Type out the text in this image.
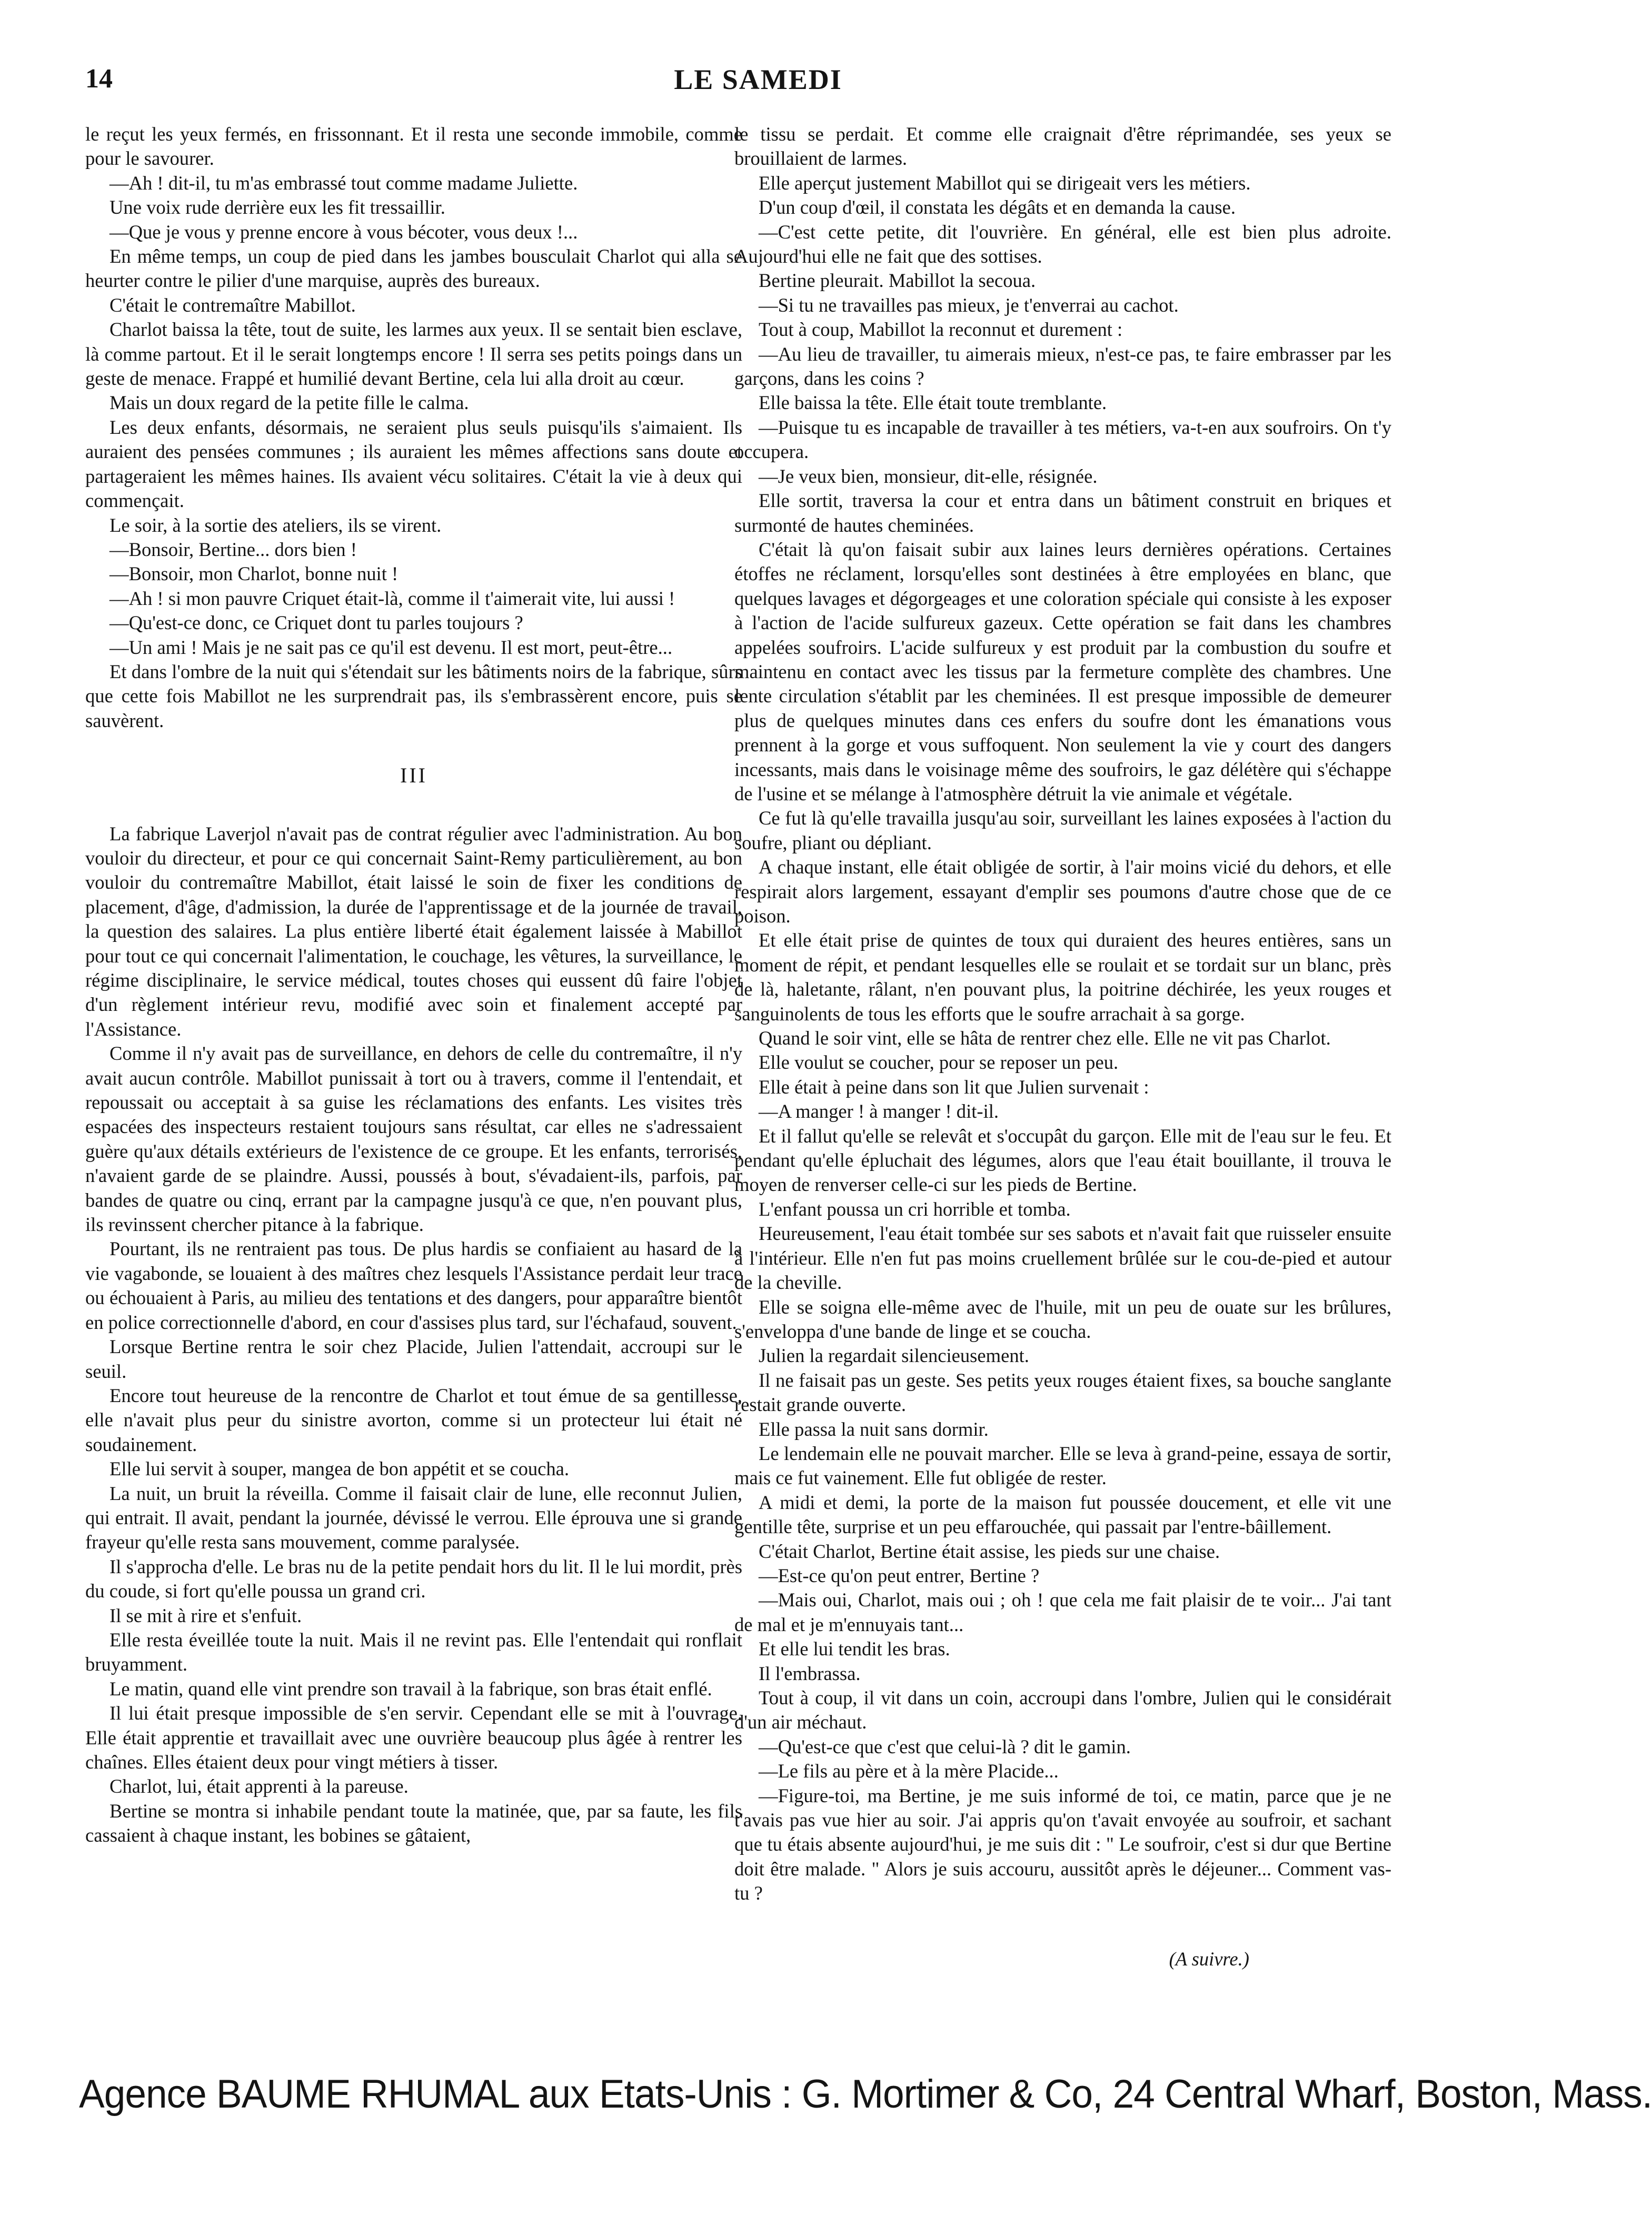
14	LE SAMEDI

le reçut les yeux fermés, en frissonnant. Et il resta une seconde immobile, comme pour le savourer.

—Ah ! dit-il, tu m'as embrassé tout comme madame Juliette.

Une voix rude derrière eux les fit tressaillir.

—Que je vous y prenne encore à vous bécoter, vous deux !...

En même temps, un coup de pied dans les jambes bousculait Charlot qui alla se heurter contre le pilier d'une marquise, auprès des bureaux.

C'était le contremaître Mabillot.

Charlot baissa la tête, tout de suite, les larmes aux yeux. Il se sentait bien esclave, là comme partout. Et il le serait longtemps encore ! Il serra ses petits poings dans un geste de menace. Frappé et humilié devant Bertine, cela lui alla droit au cœur.

Mais un doux regard de la petite fille le calma.

Les deux enfants, désormais, ne seraient plus seuls puisqu'ils s'aimaient. Ils auraient des pensées communes ; ils auraient les mêmes affections sans doute et partageraient les mêmes haines. Ils avaient vécu solitaires. C'était la vie à deux qui commençait.

Le soir, à la sortie des ateliers, ils se virent.

—Bonsoir, Bertine... dors bien !

—Bonsoir, mon Charlot, bonne nuit !

—Ah ! si mon pauvre Criquet était-là, comme il t'aimerait vite, lui aussi !

—Qu'est-ce donc, ce Criquet dont tu parles toujours ?

—Un ami ! Mais je ne sait pas ce qu'il est devenu. Il est mort, peut-être...

Et dans l'ombre de la nuit qui s'étendait sur les bâtiments noirs de la fabrique, sûrs que cette fois Mabillot ne les surprendrait pas, ils s'embrassèrent encore, puis se sauvèrent.

III

La fabrique Laverjol n'avait pas de contrat régulier avec l'administration. Au bon vouloir du directeur, et pour ce qui concernait Saint-Remy particulièrement, au bon vouloir du contremaître Mabillot, était laissé le soin de fixer les conditions de placement, d'âge, d'admission, la durée de l'apprentissage et de la journée de travail, la question des salaires. La plus entière liberté était également laissée à Mabillot pour tout ce qui concernait l'alimentation, le couchage, les vêtures, la surveillance, le régime disciplinaire, le service médical, toutes choses qui eussent dû faire l'objet d'un règlement intérieur revu, modifié avec soin et finalement accepté par l'Assistance.

Comme il n'y avait pas de surveillance, en dehors de celle du contremaître, il n'y avait aucun contrôle. Mabillot punissait à tort ou à travers, comme il l'entendait, et repoussait ou acceptait à sa guise les réclamations des enfants. Les visites très espacées des inspecteurs restaient toujours sans résultat, car elles ne s'adressaient guère qu'aux détails extérieurs de l'existence de ce groupe. Et les enfants, terrorisés, n'avaient garde de se plaindre. Aussi, poussés à bout, s'évadaient-ils, parfois, par bandes de quatre ou cinq, errant par la campagne jusqu'à ce que, n'en pouvant plus, ils revinssent chercher pitance à la fabrique.

Pourtant, ils ne rentraient pas tous. De plus hardis se confiaient au hasard de la vie vagabonde, se louaient à des maîtres chez lesquels l'Assistance perdait leur trace ou échouaient à Paris, au milieu des tentations et des dangers, pour apparaître bientôt en police correctionnelle d'abord, en cour d'assises plus tard, sur l'échafaud, souvent.

Lorsque Bertine rentra le soir chez Placide, Julien l'attendait, accroupi sur le seuil.

Encore tout heureuse de la rencontre de Charlot et tout émue de sa gentillesse, elle n'avait plus peur du sinistre avorton, comme si un protecteur lui était né soudainement.

Elle lui servit à souper, mangea de bon appétit et se coucha.

La nuit, un bruit la réveilla. Comme il faisait clair de lune, elle reconnut Julien, qui entrait. Il avait, pendant la journée, dévissé le verrou. Elle éprouva une si grande frayeur qu'elle resta sans mouvement, comme paralysée.

Il s'approcha d'elle. Le bras nu de la petite pendait hors du lit. Il le lui mordit, près du coude, si fort qu'elle poussa un grand cri.

Il se mit à rire et s'enfuit.

Elle resta éveillée toute la nuit. Mais il ne revint pas. Elle l'entendait qui ronflait bruyamment.

Le matin, quand elle vint prendre son travail à la fabrique, son bras était enflé.

Il lui était presque impossible de s'en servir. Cependant elle se mit à l'ouvrage. Elle était apprentie et travaillait avec une ouvrière beaucoup plus âgée à rentrer les chaînes. Elles étaient deux pour vingt métiers à tisser.

Charlot, lui, était apprenti à la pareuse.

Bertine se montra si inhabile pendant toute la matinée, que, par sa faute, les fils cassaient à chaque instant, les bobines se gâtaient,

le tissu se perdait. Et comme elle craignait d'être réprimandée, ses yeux se brouillaient de larmes.

Elle aperçut justement Mabillot qui se dirigeait vers les métiers.

D'un coup d'œil, il constata les dégâts et en demanda la cause.

—C'est cette petite, dit l'ouvrière. En général, elle est bien plus adroite. Aujourd'hui elle ne fait que des sottises.

Bertine pleurait. Mabillot la secoua.

—Si tu ne travailles pas mieux, je t'enverrai au cachot.

Tout à coup, Mabillot la reconnut et durement :

—Au lieu de travailler, tu aimerais mieux, n'est-ce pas, te faire embrasser par les garçons, dans les coins ?

Elle baissa la tête. Elle était toute tremblante.

—Puisque tu es incapable de travailler à tes métiers, va-t-en aux soufroirs. On t'y occupera.

—Je veux bien, monsieur, dit-elle, résignée.

Elle sortit, traversa la cour et entra dans un bâtiment construit en briques et surmonté de hautes cheminées.

C'était là qu'on faisait subir aux laines leurs dernières opérations. Certaines étoffes ne réclament, lorsqu'elles sont destinées à être employées en blanc, que quelques lavages et dégorgeages et une coloration spéciale qui consiste à les exposer à l'action de l'acide sulfureux gazeux. Cette opération se fait dans les chambres appelées soufroirs. L'acide sulfureux y est produit par la combustion du soufre et maintenu en contact avec les tissus par la fermeture complète des chambres. Une lente circulation s'établit par les cheminées. Il est presque impossible de demeurer plus de quelques minutes dans ces enfers du soufre dont les émanations vous prennent à la gorge et vous suffoquent. Non seulement la vie y court des dangers incessants, mais dans le voisinage même des soufroirs, le gaz délétère qui s'échappe de l'usine et se mélange à l'atmosphère détruit la vie animale et végétale.

Ce fut là qu'elle travailla jusqu'au soir, surveillant les laines exposées à l'action du soufre, pliant ou dépliant.

A chaque instant, elle était obligée de sortir, à l'air moins vicié du dehors, et elle respirait alors largement, essayant d'emplir ses poumons d'autre chose que de ce poison.

Et elle était prise de quintes de toux qui duraient des heures entières, sans un moment de répit, et pendant lesquelles elle se roulait et se tordait sur un blanc, près de là, haletante, râlant, n'en pouvant plus, la poitrine déchirée, les yeux rouges et sanguinolents de tous les efforts que le soufre arrachait à sa gorge.

Quand le soir vint, elle se hâta de rentrer chez elle. Elle ne vit pas Charlot.

Elle voulut se coucher, pour se reposer un peu.

Elle était à peine dans son lit que Julien survenait :

—A manger ! à manger ! dit-il.

Et il fallut qu'elle se relevât et s'occupât du garçon. Elle mit de l'eau sur le feu. Et pendant qu'elle épluchait des légumes, alors que l'eau était bouillante, il trouva le moyen de renverser celle-ci sur les pieds de Bertine.

L'enfant poussa un cri horrible et tomba.

Heureusement, l'eau était tombée sur ses sabots et n'avait fait que ruisseler ensuite à l'intérieur. Elle n'en fut pas moins cruellement brûlée sur le cou-de-pied et autour de la cheville.

Elle se soigna elle-même avec de l'huile, mit un peu de ouate sur les brûlures, s'enveloppa d'une bande de linge et se coucha.

Julien la regardait silencieusement.

Il ne faisait pas un geste. Ses petits yeux rouges étaient fixes, sa bouche sanglante restait grande ouverte.

Elle passa la nuit sans dormir.

Le lendemain elle ne pouvait marcher. Elle se leva à grand-peine, essaya de sortir, mais ce fut vainement. Elle fut obligée de rester.

A midi et demi, la porte de la maison fut poussée doucement, et elle vit une gentille tête, surprise et un peu effarouchée, qui passait par l'entre-bâillement.

C'était Charlot, Bertine était assise, les pieds sur une chaise.

—Est-ce qu'on peut entrer, Bertine ?

—Mais oui, Charlot, mais oui ; oh ! que cela me fait plaisir de te voir... J'ai tant de mal et je m'ennuyais tant...

Et elle lui tendit les bras.

Il l'embrassa.

Tout à coup, il vit dans un coin, accroupi dans l'ombre, Julien qui le considérait d'un air méchaut.

—Qu'est-ce que c'est que celui-là ? dit le gamin.

—Le fils au père et à la mère Placide...

—Figure-toi, ma Bertine, je me suis informé de toi, ce matin, parce que je ne t'avais pas vue hier au soir. J'ai appris qu'on t'avait envoyée au soufroir, et sachant que tu étais absente aujourd'hui, je me suis dit : " Le soufroir, c'est si dur que Bertine doit être malade. " Alors je suis accouru, aussitôt après le déjeuner... Comment vas-tu ?

(A suivre.)
Agence BAUME RHUMAL aux Etats-Unis : G. Mortimer & Co, 24 Central Wharf, Boston, Mass.
